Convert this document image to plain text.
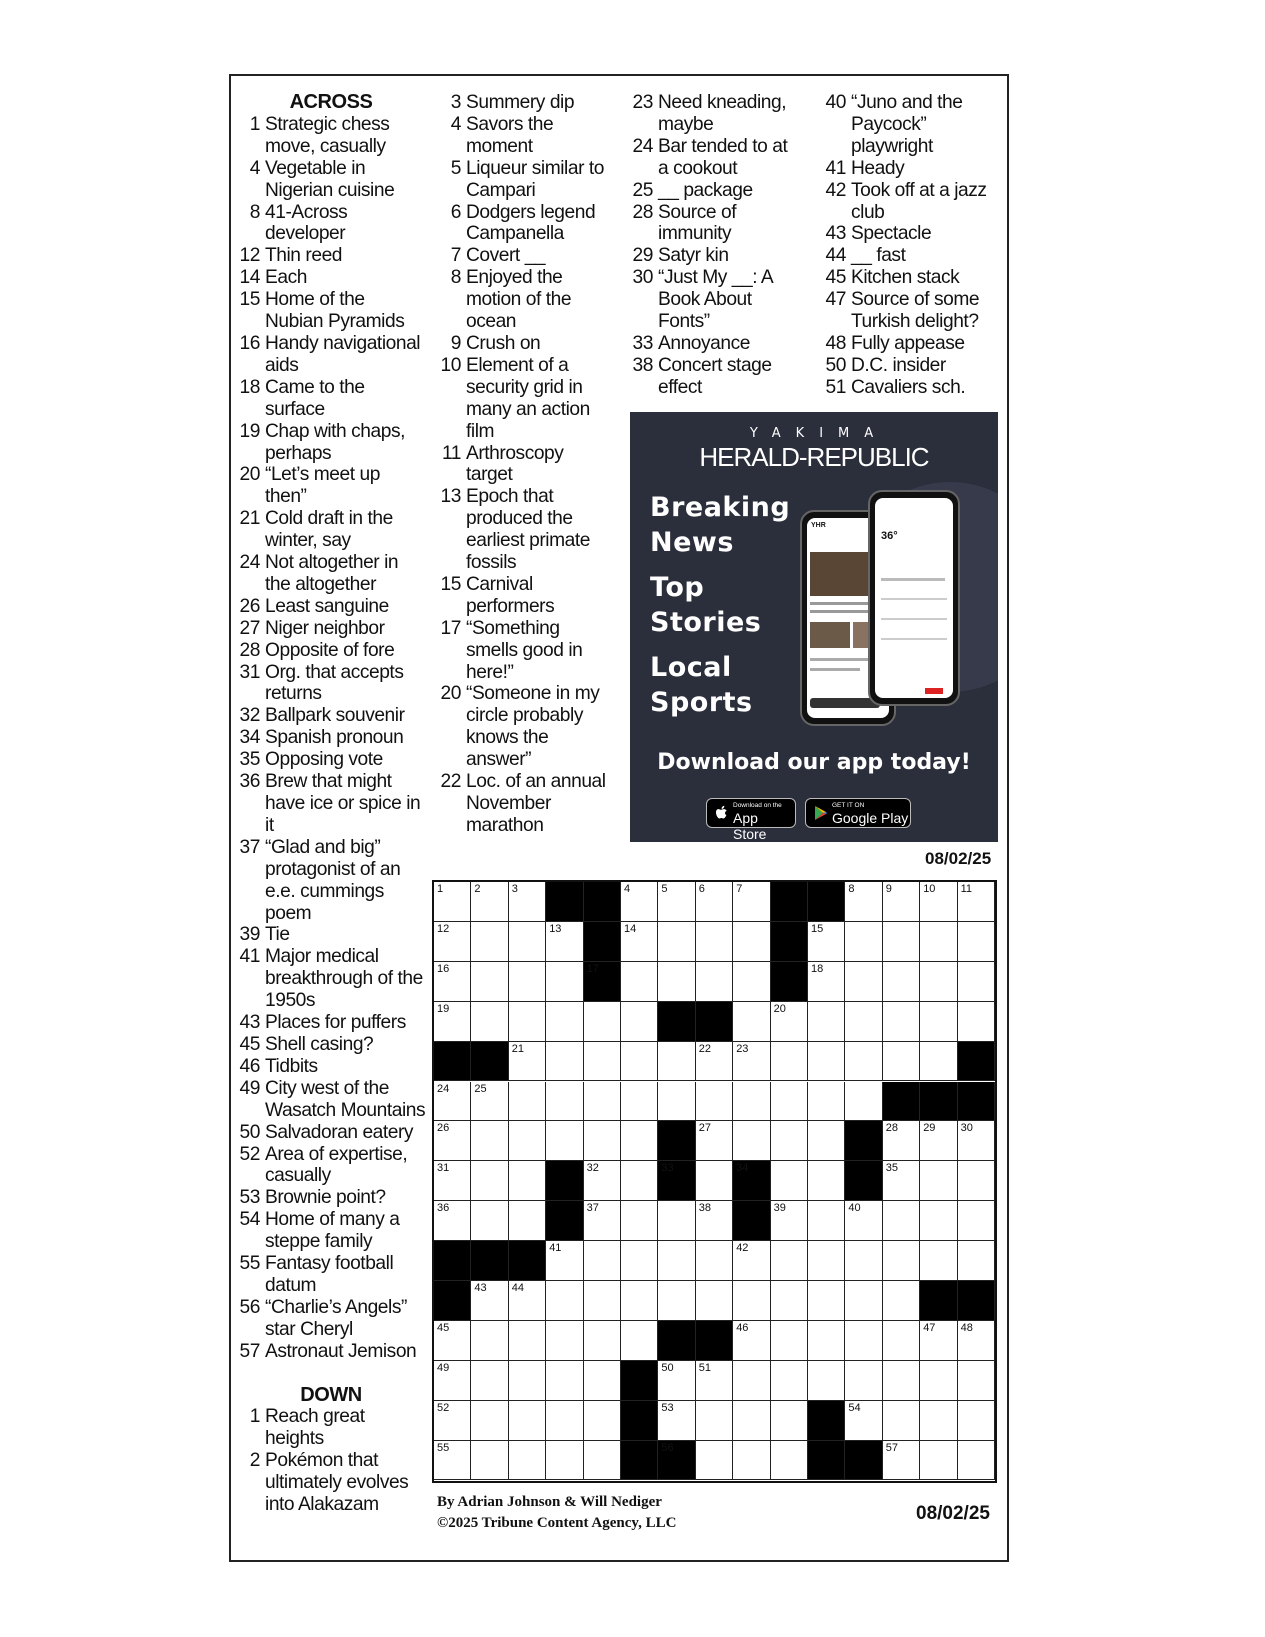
ACROSS
1 Strategic chess move, casually
4 Vegetable in Nigerian cuisine
8 41-Across developer
12 Thin reed
14 Each
15 Home of the Nubian Pyramids
16 Handy navigational aids
18 Came to the surface
19 Chap with chaps, perhaps
20 “Let’s meet up then”
21 Cold draft in the winter, say
24 Not altogether in the altogether
26 Least sanguine
27 Niger neighbor
28 Opposite of fore
31 Org. that accepts returns
32 Ballpark souvenir
34 Spanish pronoun
35 Opposing vote
36 Brew that might have ice or spice in it
37 “Glad and big” protagonist of an e.e. cummings poem
39 Tie
41 Major medical breakthrough of the 1950s
43 Places for puffers
45 Shell casing?
46 Tidbits
49 City west of the Wasatch Mountains
50 Salvadoran eatery
52 Area of expertise, casually
53 Brownie point?
54 Home of many a steppe family
55 Fantasy football datum
56 “Charlie’s Angels” star Cheryl
57 Astronaut Jemison
DOWN
1 Reach great heights
2 Pokémon that ultimately evolves into Alakazam
3 Summery dip
4 Savors the moment
5 Liqueur similar to Campari
6 Dodgers legend Campanella
7 Covert __
8 Enjoyed the motion of the ocean
9 Crush on
10 Element of a security grid in many an action film
11 Arthroscopy target
13 Epoch that produced the earliest primate fossils
15 Carnival performers
17 “Something smells good in here!”
20 “Someone in my circle probably knows the answer”
22 Loc. of an annual November marathon
23 Need kneading, maybe
24 Bar tended to at a cookout
25 __ package
28 Source of immunity
29 Satyr kin
30 “Just My __: A Book About Fonts”
33 Annoyance
38 Concert stage effect
40 “Juno and the Paycock” playwright
41 Heady
42 Took off at a jazz club
43 Spectacle
44 __ fast
45 Kitchen stack
47 Source of some Turkish delight?
48 Fully appease
50 D.C. insider
51 Cavaliers sch.
YAKIMA
HERALD-REPUBLIC
Breaking
News
Top
Stories
Local
Sports
YHR
36°
Download our app today!
Download on the
App Store
GET IT ON
Google Play
08/02/25
1	2	3	4	5	6	7	8	9	10 11
12	13	14	15
16	17	18
19	20
21	22 23
24 25
26	27	28 29 30
31	32	33	34	35
36	37	38	39	40
41	42
43 44
45	46	47 48
49	50 51
52	53	54
55	56	57
By Adrian Johnson & Will Nediger
©2025 Tribune Content Agency, LLC	08/02/25
